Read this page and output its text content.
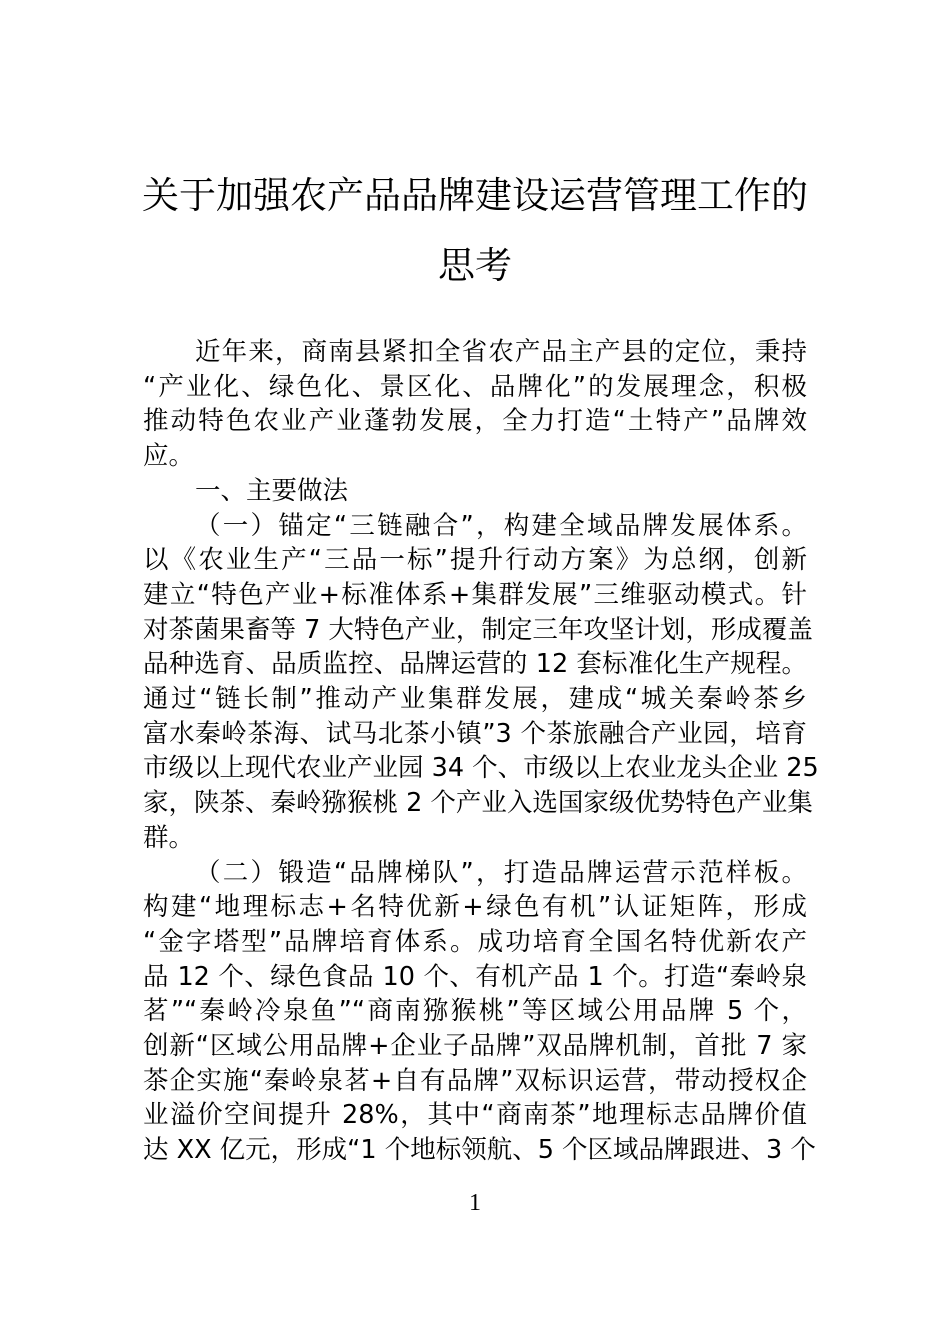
关于加强农产品品牌建设运营管理工作的
思考
近年来，商南县紧扣全省农产品主产县的定位，秉持
“产业化、绿色化、景区化、品牌化”的发展理念，积极
推动特色农业产业蓬勃发展，全力打造“土特产”品牌效
应。
一、主要做法
（一）锚定“三链融合”，构建全域品牌发展体系。
以《农业生产“三品一标”提升行动方案》为总纲，创新
建立“特色产业+标准体系+集群发展”三维驱动模式。针
对茶菌果畜等 7 大特色产业，制定三年攻坚计划，形成覆盖
品种选育、品质监控、品牌运营的 12 套标准化生产规程。
通过“链长制”推动产业集群发展，建成“城关秦岭茶乡
富水秦岭茶海、试马北茶小镇”3 个茶旅融合产业园，培育
市级以上现代农业产业园 34 个、市级以上农业龙头企业 25
家，陕茶、秦岭猕猴桃 2 个产业入选国家级优势特色产业集
群。
（二）锻造“品牌梯队”，打造品牌运营示范样板。
构建“地理标志+名特优新+绿色有机”认证矩阵，形成
“金字塔型”品牌培育体系。成功培育全国名特优新农产
品 12 个、绿色食品 10 个、有机产品 1 个。打造“秦岭泉
茗”“秦岭冷泉鱼”“商南猕猴桃”等区域公用品牌 5 个，
创新“区域公用品牌+企业子品牌”双品牌机制，首批 7 家
茶企实施“秦岭泉茗+自有品牌”双标识运营，带动授权企
业溢价空间提升 28%，其中“商南茶”地理标志品牌价值
达 XX 亿元，形成“1 个地标领航、5 个区域品牌跟进、3 个
1
